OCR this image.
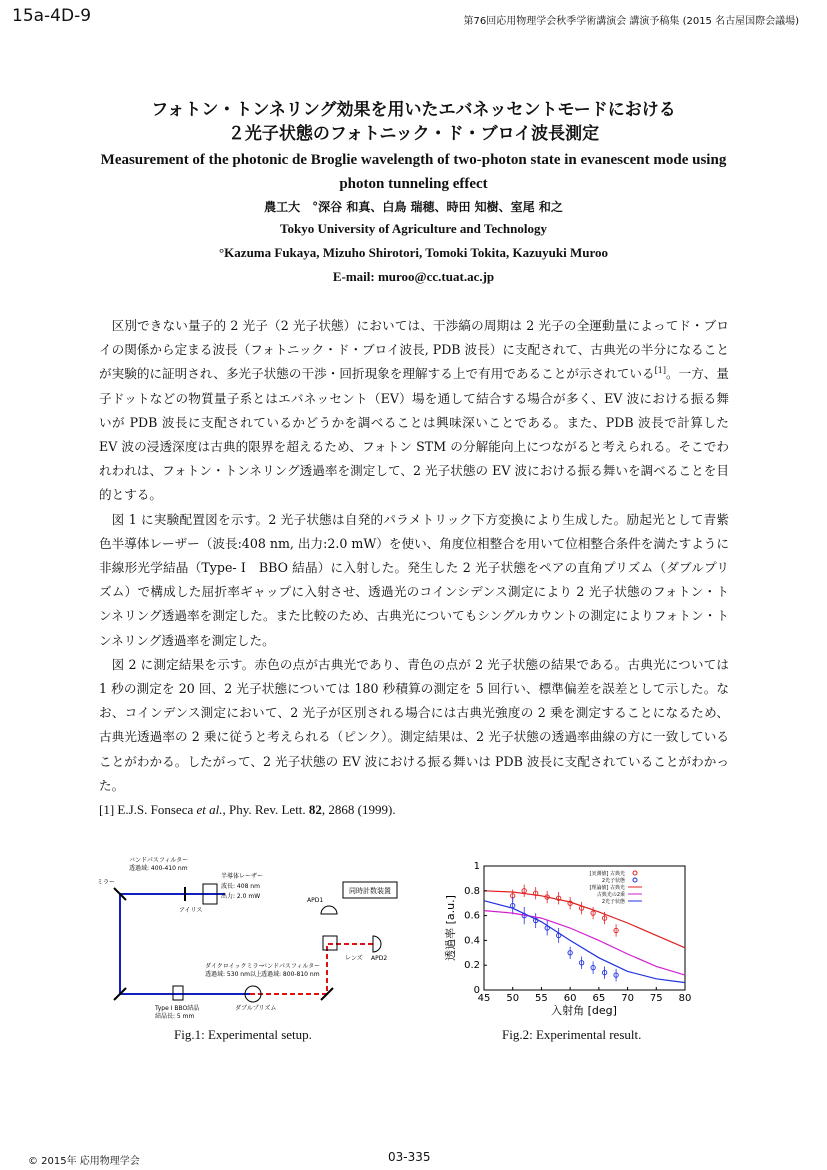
15a-4D-9	第76回応用物理学会秋季学術講演会 講演予稿集 (2015 名古屋国際会議場)
フォトン・トンネリング効果を用いたエバネッセントモードにおける
２光子状態のフォトニック・ド・ブロイ波長測定
Measurement of the photonic de Broglie wavelength of two-photon state in evanescent mode using photon tunneling effect
農工大　°深谷 和真、白鳥 瑞穂、時田 知樹、室尾 和之
Tokyo University of Agriculture and Technology
°Kazuma Fukaya, Mizuho Shirotori, Tomoki Tokita, Kazuyuki Muroo
E-mail: muroo@cc.tuat.ac.jp

区別できない量子的 2 光子（2 光子状態）においては、干渉縞の周期は 2 光子の全運動量によってド・ブロイの関係から定まる波長（フォトニック・ド・ブロイ波長, PDB 波長）に支配されて、古典光の半分になることが実験的に証明され、多光子状態の干渉・回折現象を理解する上で有用であることが示されている[1]。一方、量子ドットなどの物質量子系とはエバネッセント（EV）場を通して結合する場合が多く、EV 波における振る舞いが PDB 波長に支配されているかどうかを調べることは興味深いことである。また、PDB 波長で計算した EV 波の浸透深度は古典的限界を超えるため、フォトン STM の分解能向上につながると考えられる。そこでわれわれは、フォトン・トンネリング透過率を測定して、2 光子状態の EV 波における振る舞いを調べることを目的とする。

図 1 に実験配置図を示す。2 光子状態は自発的パラメトリック下方変換により生成した。励起光として青紫色半導体レーザー（波長:408 nm, 出力:2.0 mW）を使い、角度位相整合を用いて位相整合条件を満たすように非線形光学結晶（Type- I　BBO 結晶）に入射した。発生した 2 光子状態をペアの直角プリズム（ダブルプリズム）で構成した屈折率ギャップに入射させ、透過光のコインシデンス測定により 2 光子状態のフォトン・トンネリング透過率を測定した。また比較のため、古典光についてもシングルカウントの測定によりフォトン・トンネリング透過率を測定した。

図 2 に測定結果を示す。赤色の点が古典光であり、青色の点が 2 光子状態の結果である。古典光については 1 秒の測定を 20 回、2 光子状態については 180 秒積算の測定を 5 回行い、標準偏差を誤差として示した。なお、コインデンス測定において、2 光子が区別される場合には古典光強度の 2 乗を測定することになるため、古典光透過率の 2 乗に従うと考えられる（ピンク）。測定結果は、2 光子状態の透過率曲線の方に一致していることがわかる。したがって、2 光子状態の EV 波における振る舞いは PDB 波長に支配されていることがわかった。

[1] E.J.S. Fonseca et al., Phy. Rev. Lett. 82, 2868 (1999).

同時計数装置
バンドパスフィルター
透過域: 400-410 nm
ミラー
半導体レーザー
波長: 408 nm
出力: 2.0 mW
アイリス
APD1
レンズ APD2
ダイクロイックミラー
透過域: 530 nm以上
バンドパスフィルター
透過域: 800-810 nm
Type I BBO結晶
結晶長: 5 mm
ダブルプリズム
Fig.1: Experimental setup.
45 50 55 60 65 70 75 80
0
0.2
0.4
0.6
0.8
1
透過率 [a.u.]
入射角 [deg]
[実測値] 古典光
2光子状態
[理論値] 古典光
古典光の2乗
2光子状態
Fig.2: Experimental result.
© 2015年 応用物理学会	03-335
